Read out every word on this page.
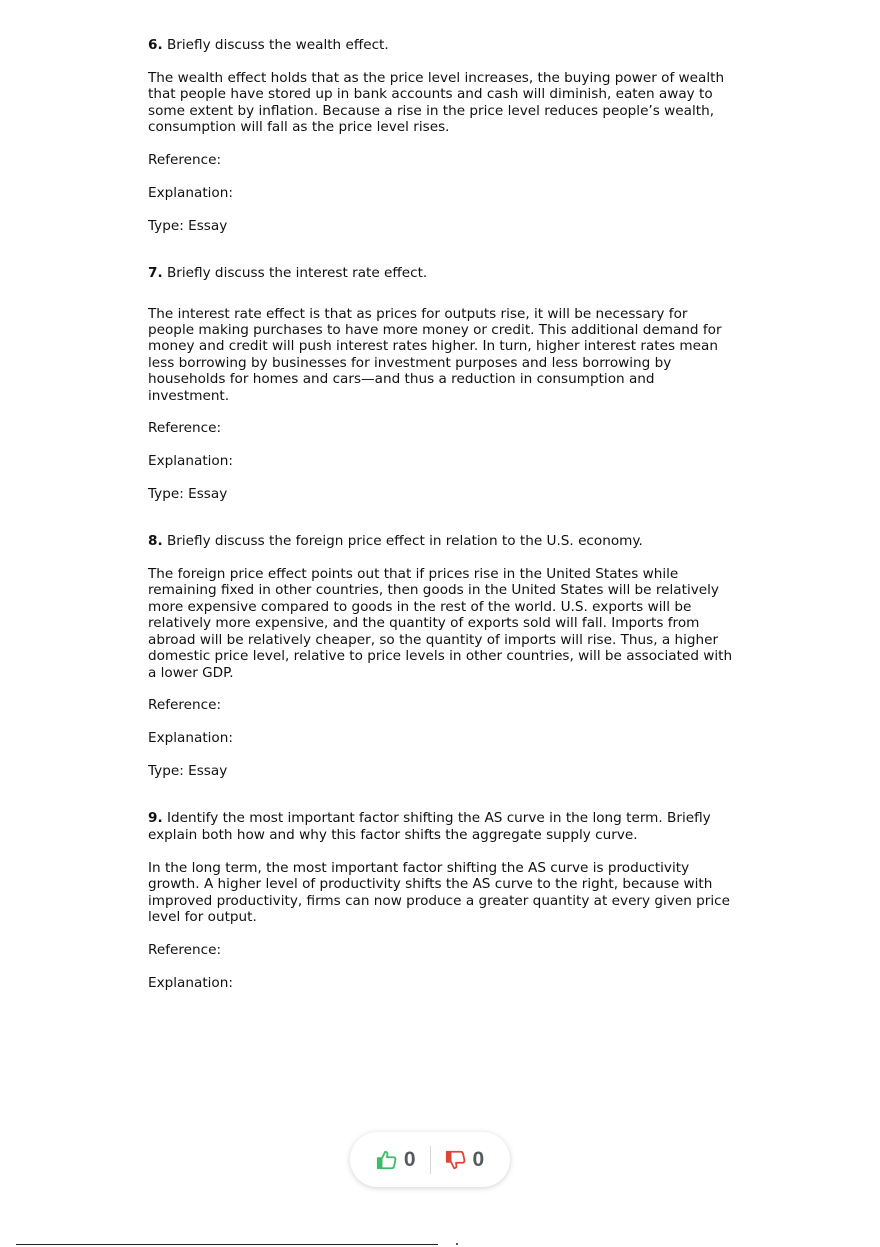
6. Briefly discuss the wealth effect.
The wealth effect holds that as the price level increases, the buying power of wealth
that people have stored up in bank accounts and cash will diminish, eaten away to
some extent by inflation. Because a rise in the price level reduces people’s wealth,
consumption will fall as the price level rises.
Reference:
Explanation:
Type: Essay
7. Briefly discuss the interest rate effect.
The interest rate effect is that as prices for outputs rise, it will be necessary for
people making purchases to have more money or credit. This additional demand for
money and credit will push interest rates higher. In turn, higher interest rates mean
less borrowing by businesses for investment purposes and less borrowing by
households for homes and cars—and thus a reduction in consumption and
investment.
Reference:
Explanation:
Type: Essay
8. Briefly discuss the foreign price effect in relation to the U.S. economy.
The foreign price effect points out that if prices rise in the United States while
remaining fixed in other countries, then goods in the United States will be relatively
more expensive compared to goods in the rest of the world. U.S. exports will be
relatively more expensive, and the quantity of exports sold will fall. Imports from
abroad will be relatively cheaper, so the quantity of imports will rise. Thus, a higher
domestic price level, relative to price levels in other countries, will be associated with
a lower GDP.
Reference:
Explanation:
Type: Essay
9. Identify the most important factor shifting the AS curve in the long term. Briefly
explain both how and why this factor shifts the aggregate supply curve.
In the long term, the most important factor shifting the AS curve is productivity
growth. A higher level of productivity shifts the AS curve to the right, because with
improved productivity, firms can now produce a greater quantity at every given price
level for output.
Reference:
Explanation:
0	0
